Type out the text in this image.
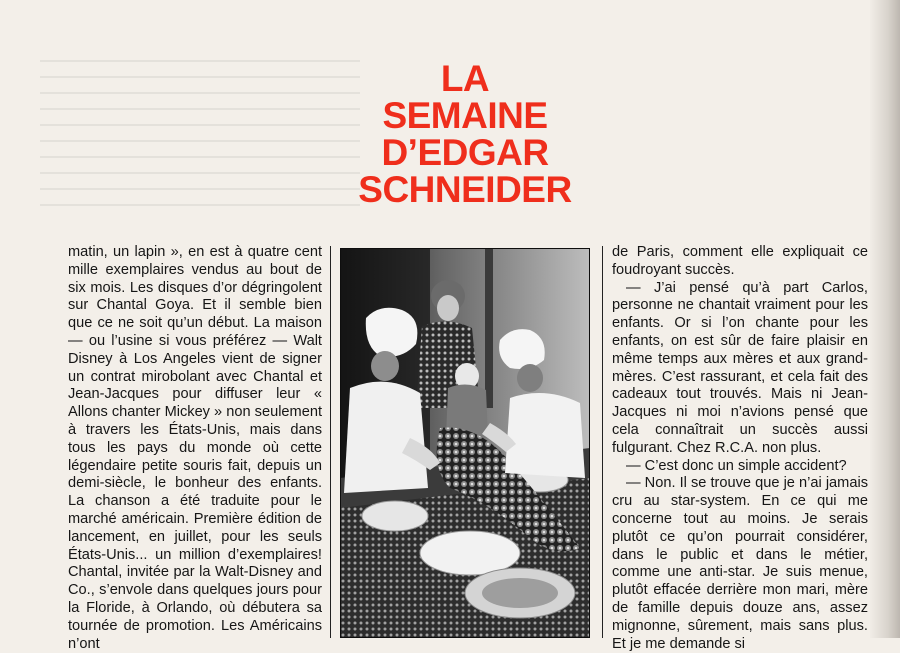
LA
SEMAINE
D’EDGAR
SCHNEIDER

matin, un lapin », en est à quatre cent mille exemplaires vendus au bout de six mois. Les disques d’or dégringolent sur Chantal Goya. Et il semble bien que ce ne soit qu’un début. La maison — ou l’usine si vous préférez — Walt Disney à Los Angeles vient de signer un contrat mirobolant avec Chantal et Jean-Jacques pour diffuser leur « Allons chanter Mickey » non seulement à travers les États-Unis, mais dans tous les pays du monde où cette légendaire petite souris fait, depuis un demi-siècle, le bonheur des enfants. La chanson a été traduite pour le marché américain. Première édition de lancement, en juillet, pour les seuls États-Unis... un million d’exemplaires! Chantal, invitée par la Walt-Disney and Co., s’envole dans quelques jours pour la Floride, à Orlando, où débutera sa tournée de promotion. Les Américains n’ont

de Paris, comment elle expliquait ce foudroyant succès.

— J’ai pensé qu’à part Carlos, personne ne chantait vraiment pour les enfants. Or si l’on chante pour les enfants, on est sûr de faire plaisir en même temps aux mères et aux grand-mères. C’est rassurant, et cela fait des cadeaux tout trouvés. Mais ni Jean-Jacques ni moi n’avions pensé que cela connaîtrait un succès aussi fulgurant. Chez R.C.A. non plus.

— C’est donc un simple accident?

— Non. Il se trouve que je n’ai jamais cru au star-system. En ce qui me concerne tout au moins. Je serais plutôt ce qu’on pourrait considérer, dans le public et dans le métier, comme une anti-star. Je suis menue, plutôt effacée derrière mon mari, mère de famille depuis douze ans, assez mignonne, sûrement, mais sans plus. Et je me demande si
